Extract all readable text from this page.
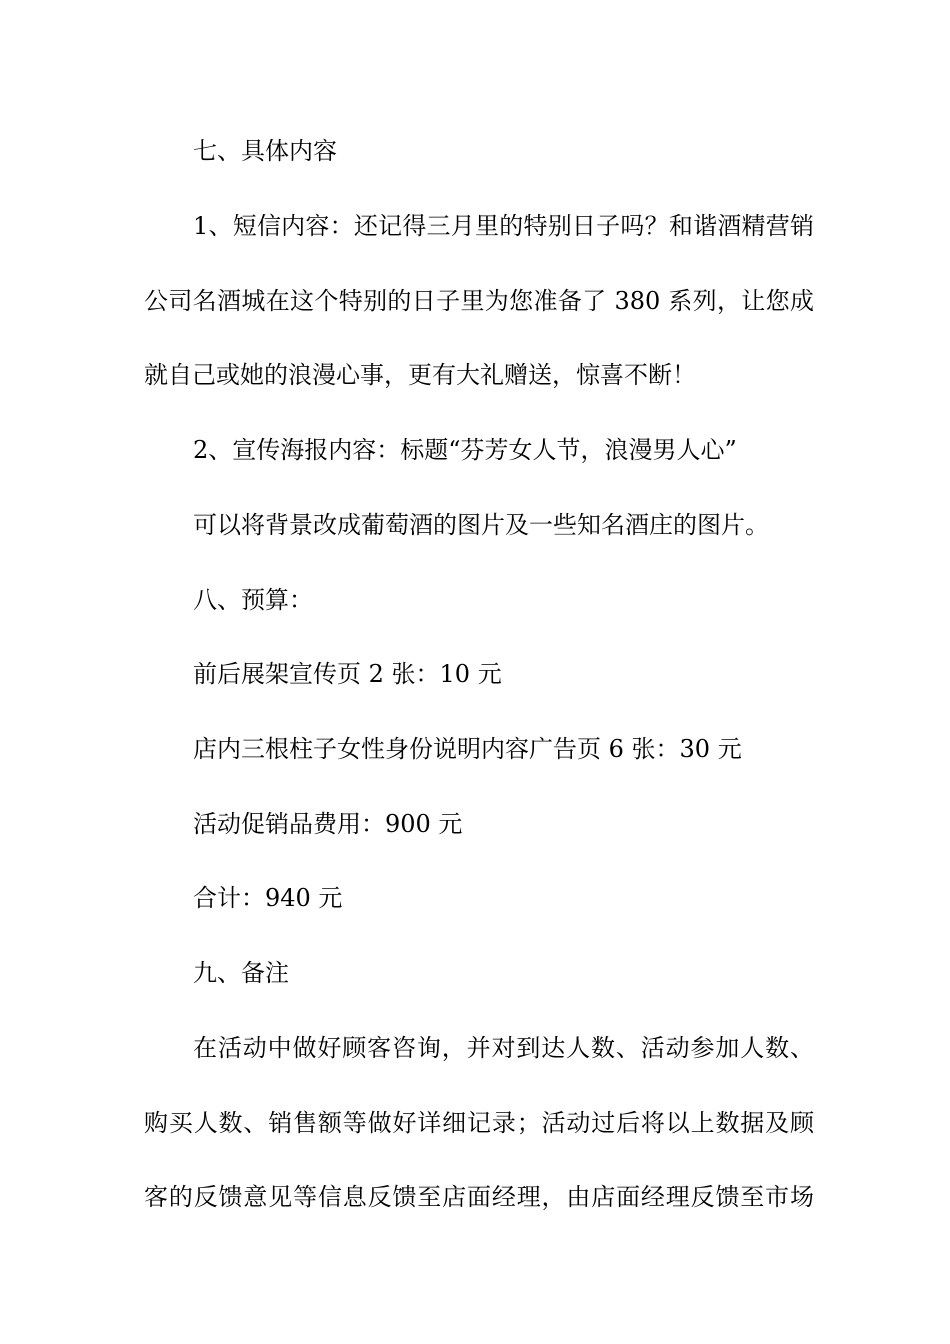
七、具体内容

1、短信内容：还记得三月里的特别日子吗？和谐酒精营销

公司名酒城在这个特别的日子里为您准备了 380 系列，让您成

就自己或她的浪漫心事，更有大礼赠送，惊喜不断！

2、宣传海报内容：标题“芬芳女人节，浪漫男人心”

可以将背景改成葡萄酒的图片及一些知名酒庄的图片。

八、预算：

前后展架宣传页 2 张：10 元

店内三根柱子女性身份说明内容广告页 6 张：30 元

活动促销品费用：900 元

合计：940 元

九、备注

在活动中做好顾客咨询，并对到达人数、活动参加人数、

购买人数、销售额等做好详细记录；活动过后将以上数据及顾

客的反馈意见等信息反馈至店面经理，由店面经理反馈至市场
